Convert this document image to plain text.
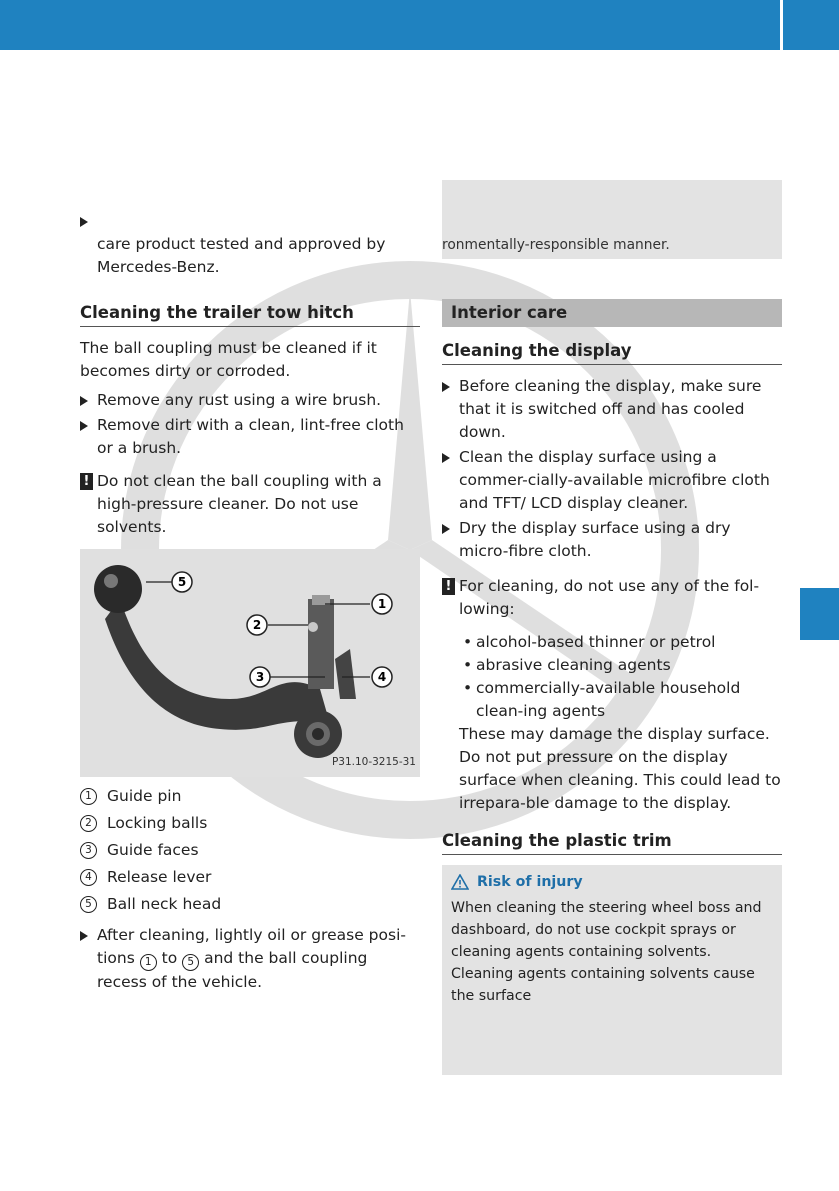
care product tested and approved by
Mercedes-Benz.
Cleaning the trailer tow hitch
The ball coupling must be cleaned if it becomes dirty or corroded.
Remove any rust using a wire brush.
Remove dirt with a clean, lint-free cloth or a brush.
! Do not clean the ball coupling with a high-pressure cleaner. Do not use solvents.
5
1
2
3	4
P31.10-3215-31
1 Guide pin
2 Locking balls
3 Guide faces
4 Release lever
5 Ball neck head
After cleaning, lightly oil or grease posi-tions 1 to 5 and the ball coupling recess of the vehicle.
ronmentally-responsible manner.
Interior care
Cleaning the display
Before cleaning the display, make sure that it is switched off and has cooled down.
Clean the display surface using a commer-cially-available microfibre cloth and TFT/ LCD display cleaner.
Dry the display surface using a dry micro-fibre cloth.
! For cleaning, do not use any of the fol-lowing:
• alcohol-based thinner or petrol
• abrasive cleaning agents
• commercially-available household clean-ing agents
These may damage the display surface. Do not put pressure on the display surface when cleaning. This could lead to irrepara-ble damage to the display.
Cleaning the plastic trim
Risk of injury
When cleaning the steering wheel boss and dashboard, do not use cockpit sprays or cleaning agents containing solvents. Cleaning agents containing solvents cause the surface
